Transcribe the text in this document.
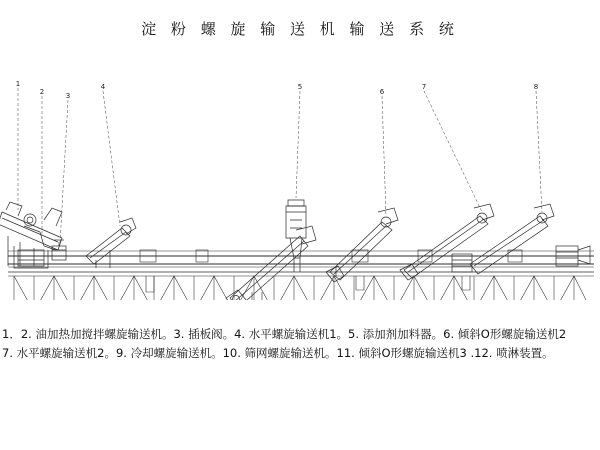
淀 粉 螺 旋 输 送 机 输 送 系 统
1
2	3
4	5
6
7	8
1．2. 油加热加搅拌螺旋输送机。3. 插板阀。4. 水平螺旋输送机1。5. 添加剂加料器。6. 倾斜O形螺旋输送机2
7. 水平螺旋输送机2。9. 冷却螺旋输送机。10. 筛网螺旋输送机。11. 倾斜O形螺旋输送机3 .12. 喷淋装置。
